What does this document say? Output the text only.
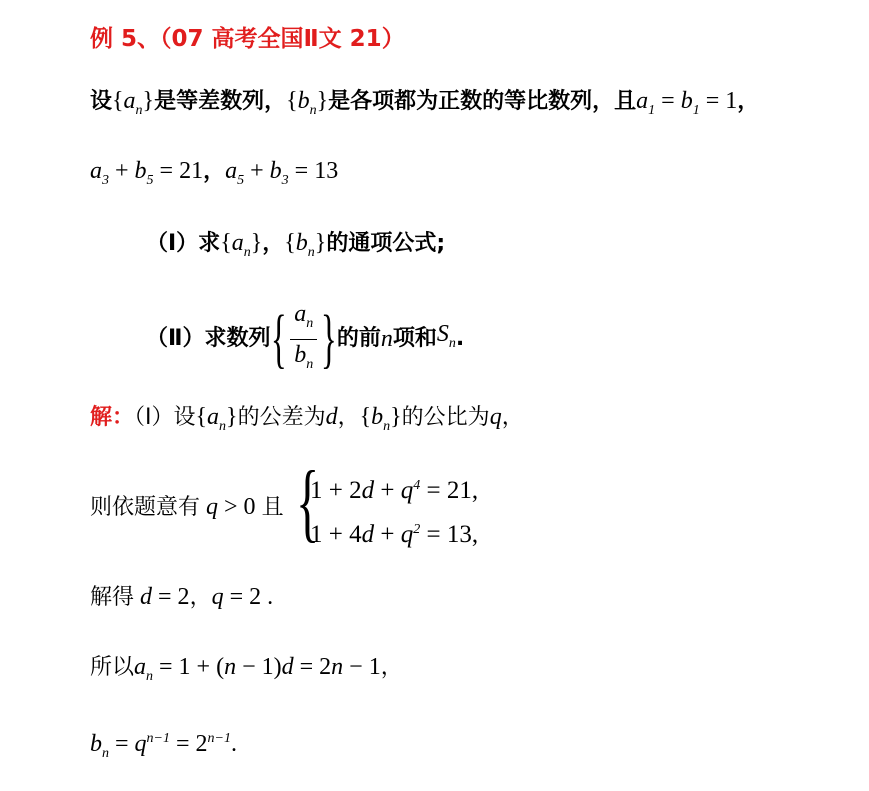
例 5、（07 高考全国Ⅱ文 21）
设$\{a_n\}$是等差数列，$\{b_n\}$是各项都为正数的等比数列，且$a_1 = b_1 = 1$，
$a_3 + b_5 = 21$，$a_5 + b_3 = 13$
（Ⅰ）求$\{a_n\}$，$\{b_n\}$的通项公式;
（Ⅱ）求数列{ $\frac{a_n}{b_n}$ }的前n项和$S_n$.
解：（Ⅰ）设$\{a_n\}$的公差为d，$\{b_n\}$的公比为q，
则依题意有 q > 0 且 {
$1 + 2d + q^4 = 21$,
$1 + 4d + q^2 = 13$,
解得 d = 2，q = 2 .
所以$a_n = 1 + (n - 1)d = 2n - 1$，
$b_n = q^{n-1} = 2^{n-1}$.
